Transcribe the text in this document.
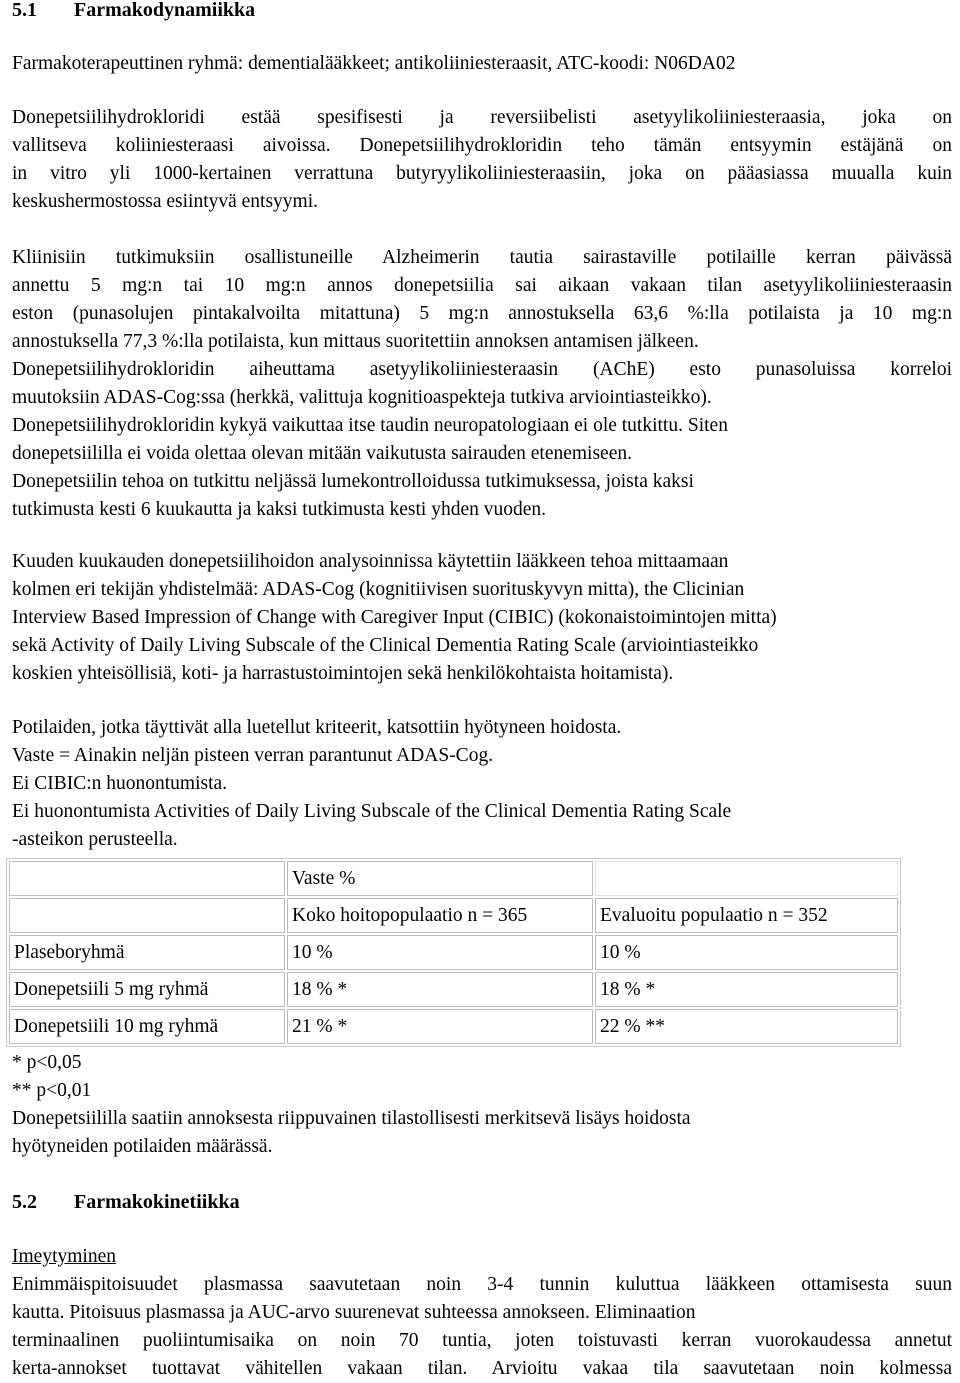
5.1 Farmakodynamiikka
Farmakoterapeuttinen ryhmä: dementialääkkeet; antikoliiniesteraasit, ATC-koodi: N06DA02
Donepetsiilihydrokloridi estää spesifisesti ja reversiibelisti asetyylikoliiniesteraasia, joka on
vallitseva koliiniesteraasi aivoissa. Donepetsiilihydrokloridin teho tämän entsyymin estäjänä on
in vitro yli 1000-kertainen verrattuna butyryylikoliiniesteraasiin, joka on pääasiassa muualla kuin
keskushermostossa esiintyvä entsyymi.
Kliinisiin tutkimuksiin osallistuneille Alzheimerin tautia sairastaville potilaille kerran päivässä
annettu 5 mg:n tai 10 mg:n annos donepetsiilia sai aikaan vakaan tilan asetyylikoliiniesteraasin
eston (punasolujen pintakalvoilta mitattuna) 5 mg:n annostuksella 63,6 %:lla potilaista ja 10 mg:n
annostuksella 77,3 %:lla potilaista, kun mittaus suoritettiin annoksen antamisen jälkeen.
Donepetsiilihydrokloridin aiheuttama asetyylikoliiniesteraasin (AChE) esto punasoluissa korreloi
muutoksiin ADAS-Cog:ssa (herkkä, valittuja kognitioaspekteja tutkiva arviointiasteikko).
Donepetsiilihydrokloridin kykyä vaikuttaa itse taudin neuropatologiaan ei ole tutkittu. Siten
donepetsiililla ei voida olettaa olevan mitään vaikutusta sairauden etenemiseen.
Donepetsiilin tehoa on tutkittu neljässä lumekontrolloidussa tutkimuksessa, joista kaksi
tutkimusta kesti 6 kuukautta ja kaksi tutkimusta kesti yhden vuoden.
Kuuden kuukauden donepetsiilihoidon analysoinnissa käytettiin lääkkeen tehoa mittaamaan
kolmen eri tekijän yhdistelmää: ADAS-Cog (kognitiivisen suorituskyvyn mitta), the Clicinian
Interview Based Impression of Change with Caregiver Input (CIBIC) (kokonaistoimintojen mitta)
sekä Activity of Daily Living Subscale of the Clinical Dementia Rating Scale (arviointiasteikko
koskien yhteisöllisiä, koti- ja harrastustoimintojen sekä henkilökohtaista hoitamista).
Potilaiden, jotka täyttivät alla luetellut kriteerit, katsottiin hyötyneen hoidosta.
Vaste = Ainakin neljän pisteen verran parantunut ADAS-Cog.
Ei CIBIC:n huonontumista.
Ei huonontumista Activities of Daily Living Subscale of the Clinical Dementia Rating Scale
-asteikon perusteella.
	Vaste %	
	Koko hoitopopulaatio n = 365	Evaluoitu populaatio n = 352
Plaseboryhmä	10 %	10 %
Donepetsiili 5 mg ryhmä	18 % *	18 % *
Donepetsiili 10 mg ryhmä	21 % *	22 % **
* p<0,05
** p<0,01
Donepetsiililla saatiin annoksesta riippuvainen tilastollisesti merkitsevä lisäys hoidosta
hyötyneiden potilaiden määrässä.
5.2 Farmakokinetiikka
Imeytyminen
Enimmäispitoisuudet plasmassa saavutetaan noin 3-4 tunnin kuluttua lääkkeen ottamisesta suun
kautta. Pitoisuus plasmassa ja AUC-arvo suurenevat suhteessa annokseen. Eliminaation
terminaalinen puoliintumisaika on noin 70 tuntia, joten toistuvasti kerran vuorokaudessa annetut
kerta-annokset tuottavat vähitellen vakaan tilan. Arvioitu vakaa tila saavutetaan noin kolmessa
